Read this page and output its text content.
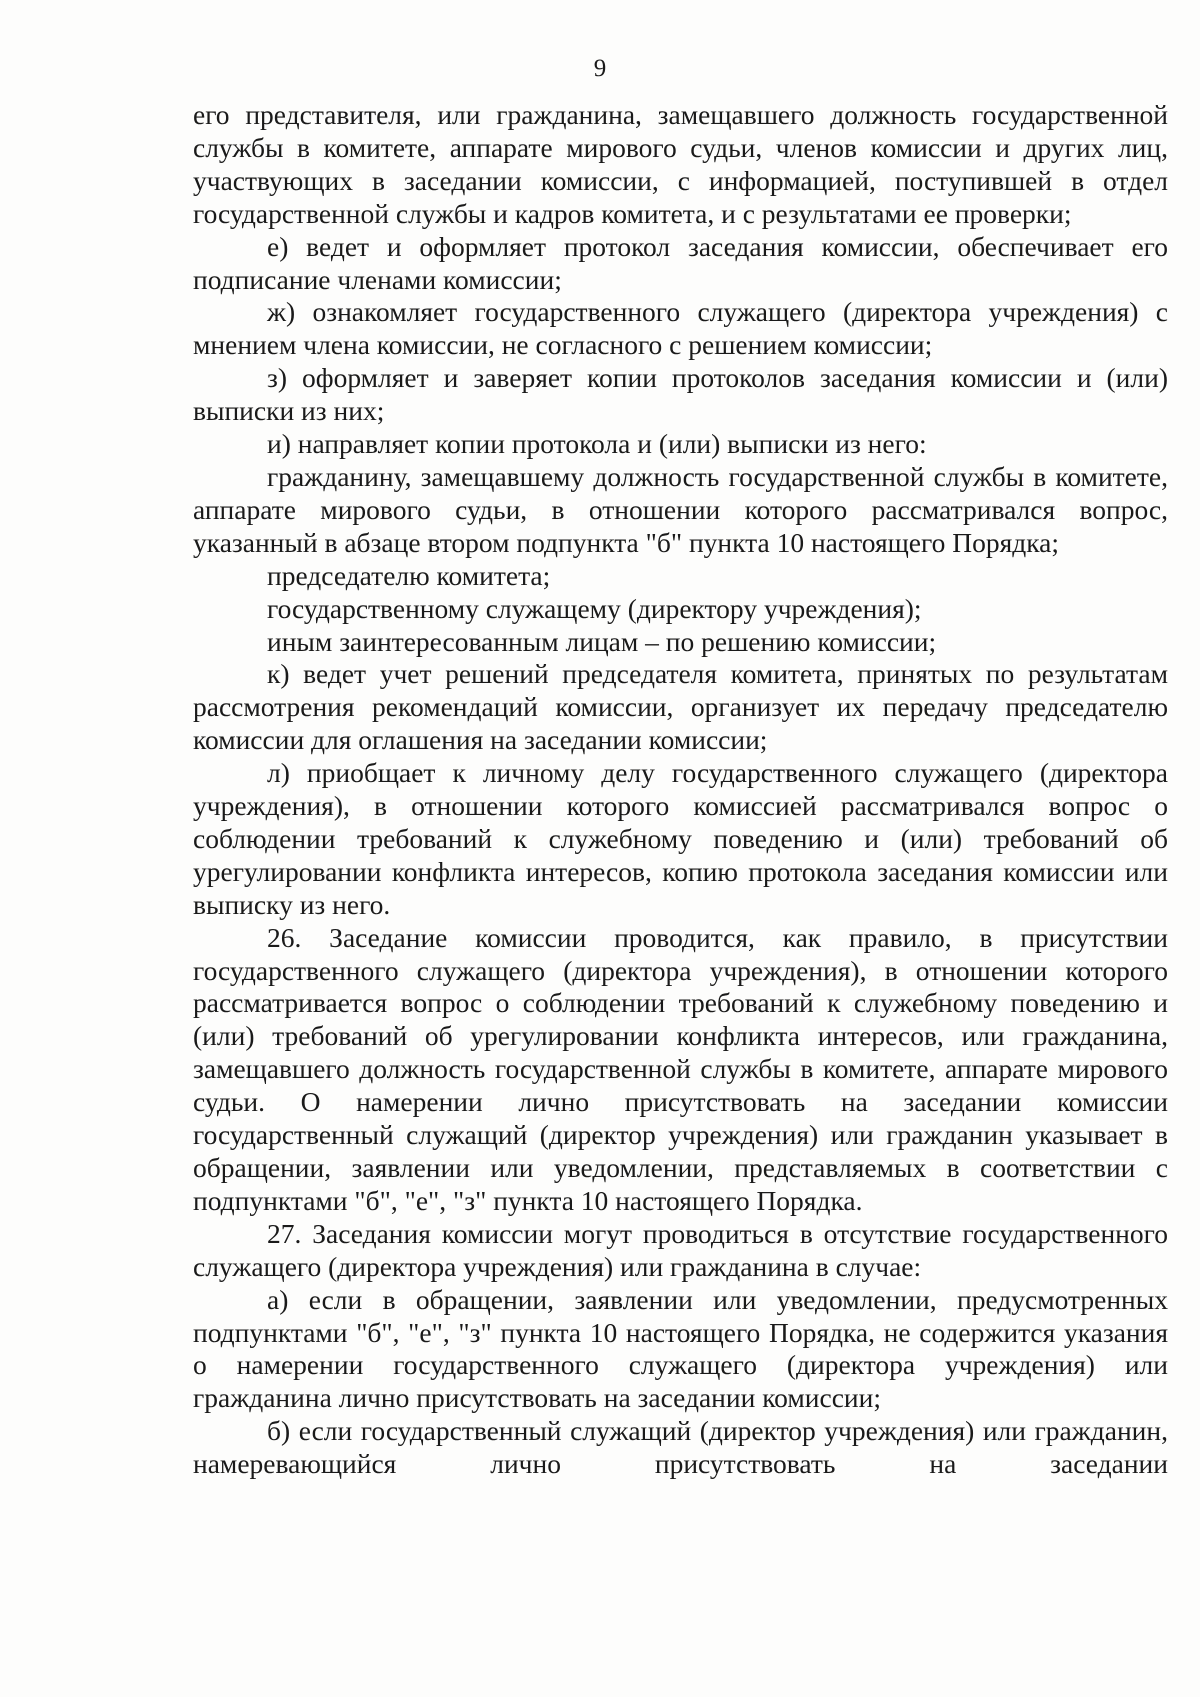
9

его представителя, или гражданина, замещавшего должность государственной службы в комитете, аппарате мирового судьи, членов комиссии и других лиц, участвующих в заседании комиссии, с информацией, поступившей в отдел государственной службы и кадров комитета, и с результатами ее проверки;

е) ведет и оформляет протокол заседания комиссии, обеспечивает его подписание членами комиссии;

ж) ознакомляет государственного служащего (директора учреждения) с мнением члена комиссии, не согласного с решением комиссии;

з) оформляет и заверяет копии протоколов заседания комиссии и (или) выписки из них;

и) направляет копии протокола и (или) выписки из него:

гражданину, замещавшему должность государственной службы в комитете, аппарате мирового судьи, в отношении которого рассматривался вопрос, указанный в абзаце втором подпункта "б" пункта 10 настоящего Порядка;

председателю комитета;

государственному служащему (директору учреждения);

иным заинтересованным лицам – по решению комиссии;

к) ведет учет решений председателя комитета, принятых по результатам рассмотрения рекомендаций комиссии, организует их передачу председателю комиссии для оглашения на заседании комиссии;

л) приобщает к личному делу государственного служащего (директора учреждения), в отношении которого комиссией рассматривался вопрос о соблюдении требований к служебному поведению и (или) требований об урегулировании конфликта интересов, копию протокола заседания комиссии или выписку из него.

26. Заседание комиссии проводится, как правило, в присутствии государственного служащего (директора учреждения), в отношении которого рассматривается вопрос о соблюдении требований к служебному поведению и (или) требований об урегулировании конфликта интересов, или гражданина, замещавшего должность государственной службы в комитете, аппарате мирового судьи. О намерении лично присутствовать на заседании комиссии государственный служащий (директор учреждения) или гражданин указывает в обращении, заявлении или уведомлении, представляемых в соответствии с подпунктами "б", "е", "з" пункта 10 настоящего Порядка.

27. Заседания комиссии могут проводиться в отсутствие государственного служащего (директора учреждения) или гражданина в случае:

а) если в обращении, заявлении или уведомлении, предусмотренных подпунктами "б", "е", "з" пункта 10 настоящего Порядка, не содержится указания о намерении государственного служащего (директора учреждения) или гражданина лично присутствовать на заседании комиссии;

б) если государственный служащий (директор учреждения) или гражданин, намеревающийся лично присутствовать на заседании
